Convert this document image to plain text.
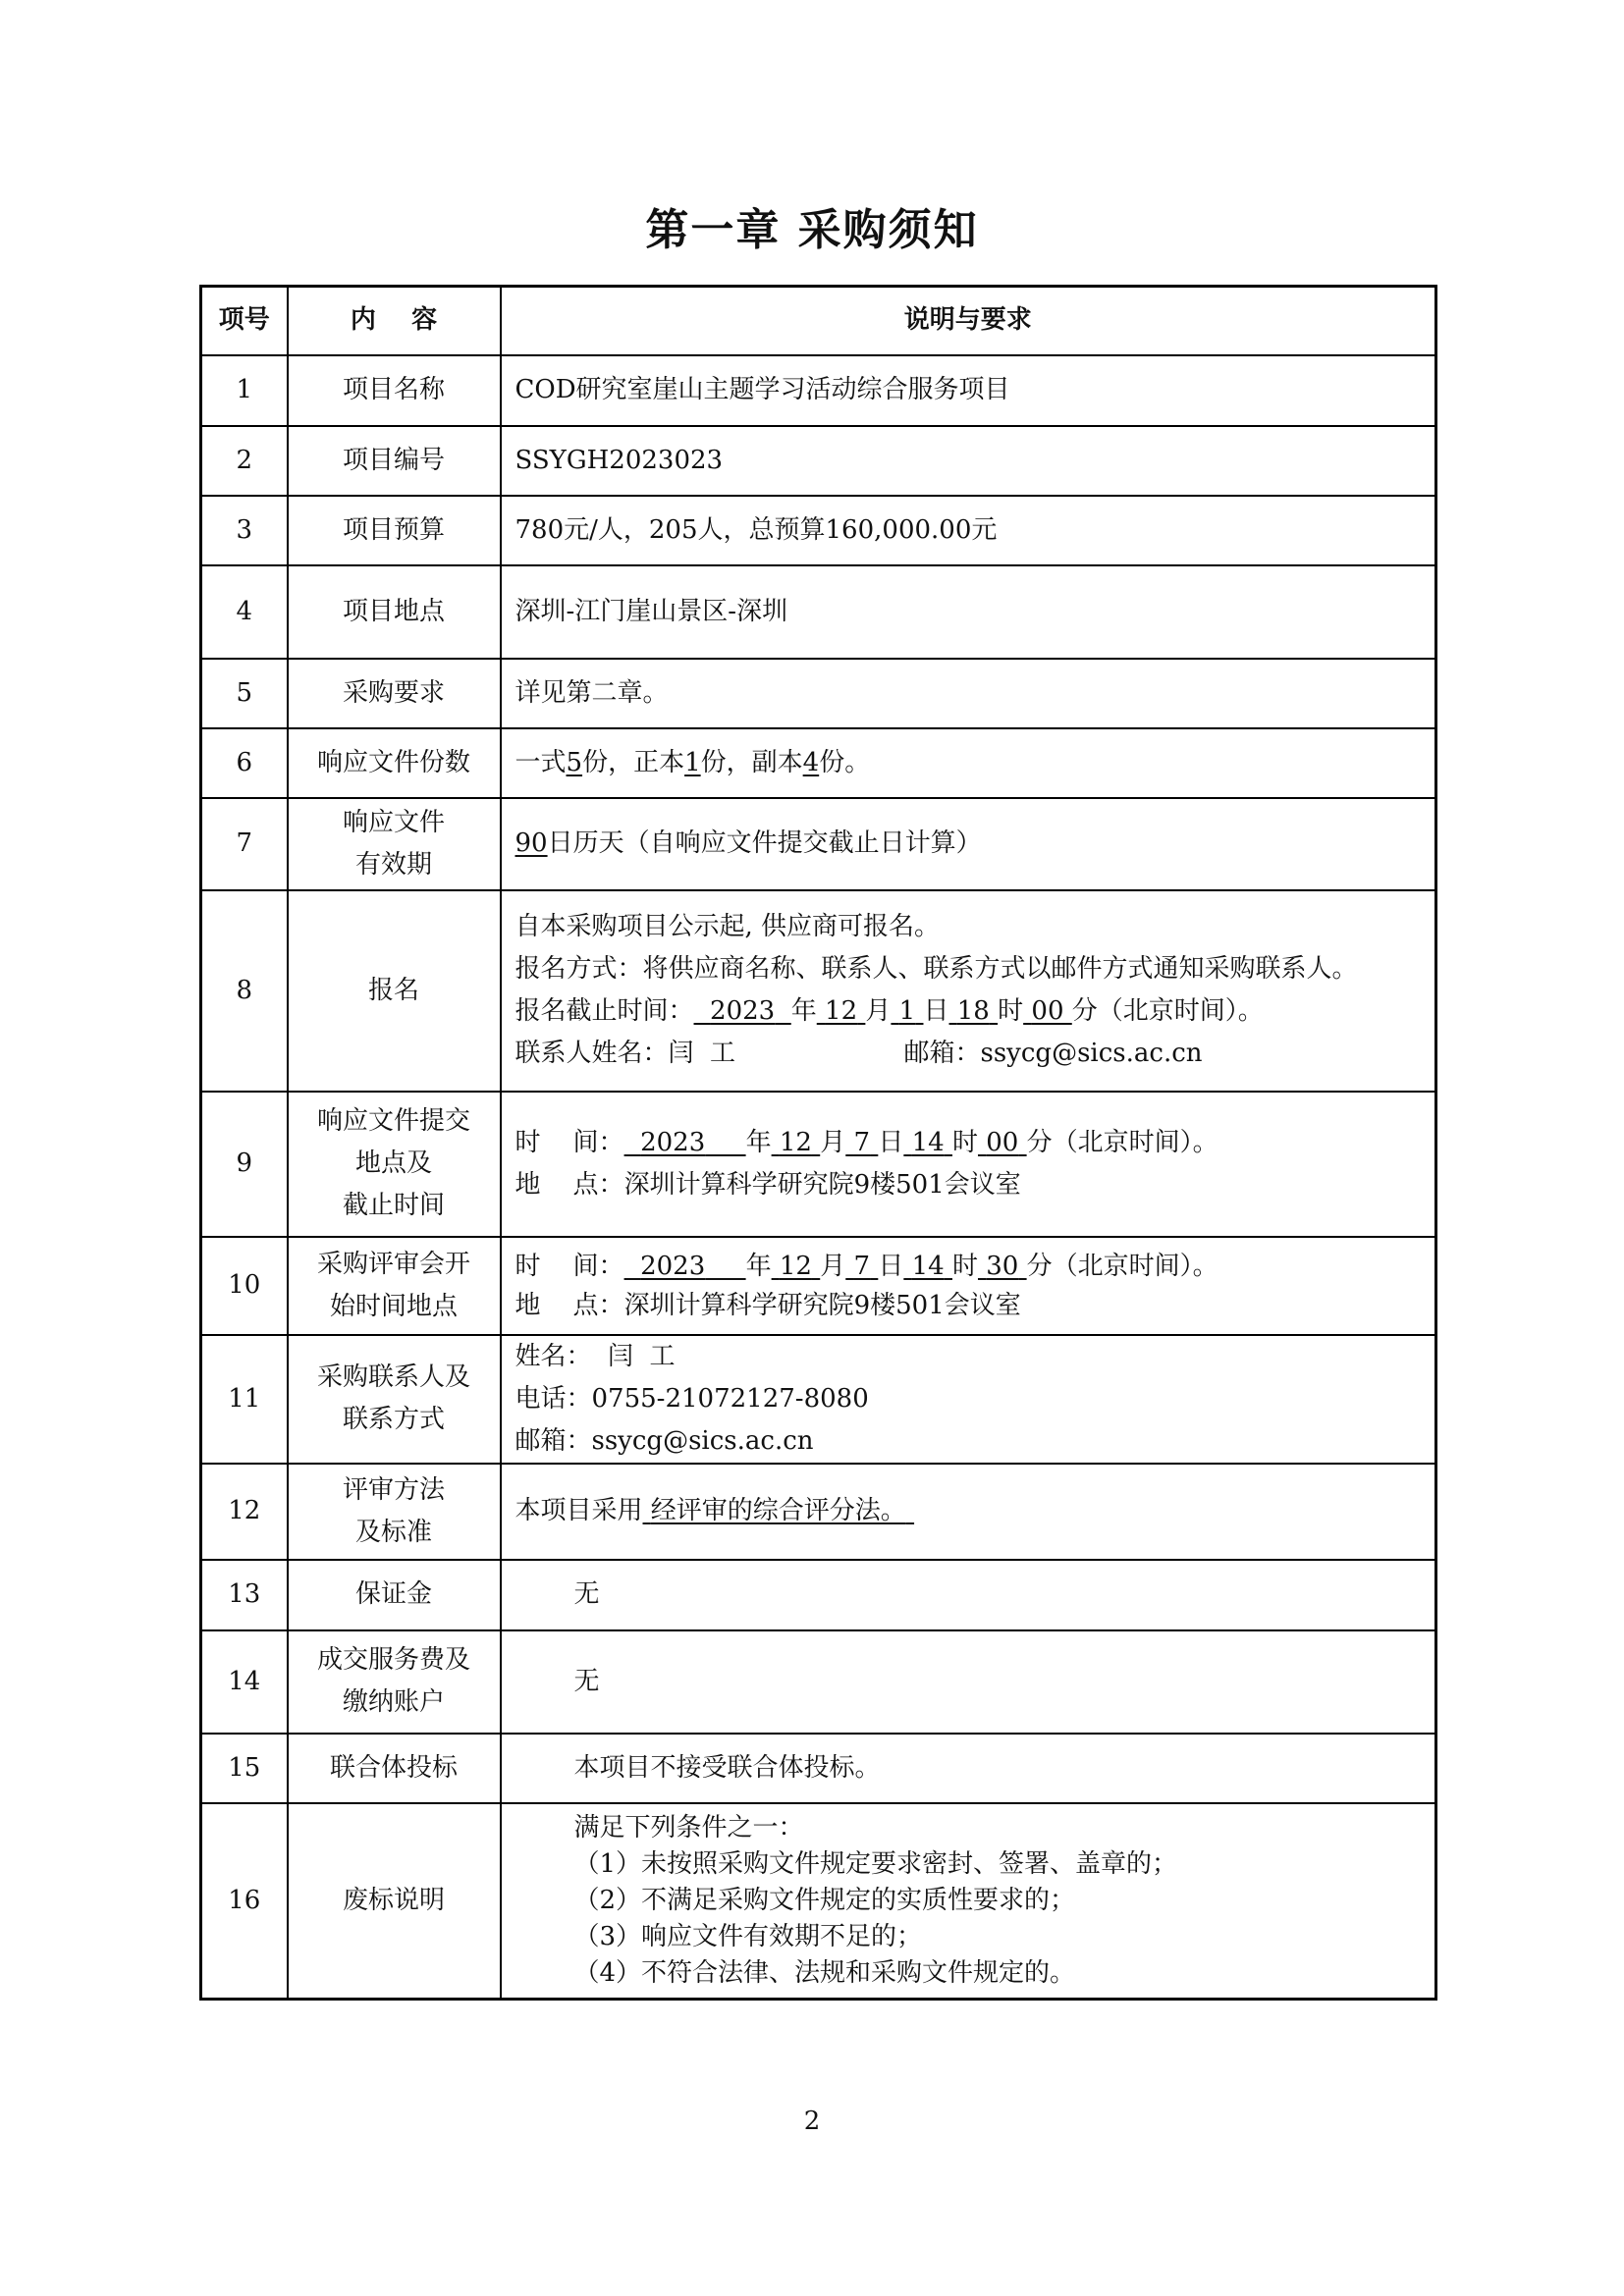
第一章 采购须知
项号	内    容	说明与要求
1	项目名称	COD研究室崖山主题学习活动综合服务项目
2	项目编号	SSYGH2023023
3	项目预算	780元/人，205人，总预算160,000.00元
4	项目地点	深圳-江门崖山景区-深圳
5	采购要求	详见第二章。
6	响应文件份数	一式5份，正本1份，副本4份。
7	响应文件
有效期	90日历天（自响应文件提交截止日计算）
8	报名	自本采购项目公示起, 供应商可报名。
报名方式：将供应商名称、联系人、联系方式以邮件方式通知采购联系人。
报名截止时间： 2023 年 12 月 1 日 18 时 00 分（北京时间）。
联系人姓名：闫  工 邮箱：ssycg@sics.ac.cn

9	响应文件提交
地点及
截止时间	时    间： 2023 年 12 月 7 日 14 时 00 分（北京时间）。
地    点：深圳计算科学研究院9楼501会议室

10	采购评审会开
始时间地点	时    间： 2023 年 12 月 7 日 14 时 30 分（北京时间）。
地    点：深圳计算科学研究院9楼501会议室

11	采购联系人及
联系方式	姓名：  闫  工
电话：0755-21072127-8080
邮箱：ssycg@sics.ac.cn

12	评审方法
及标准	本项目采用 经评审的综合评分法。
13	保证金	无
14	成交服务费及
缴纳账户	无
15	联合体投标	本项目不接受联合体投标。
16	废标说明	满足下列条件之一：
（1）未按照采购文件规定要求密封、签署、盖章的；
（2）不满足采购文件规定的实质性要求的；
（3）响应文件有效期不足的；
（4）不符合法律、法规和采购文件规定的。
2
